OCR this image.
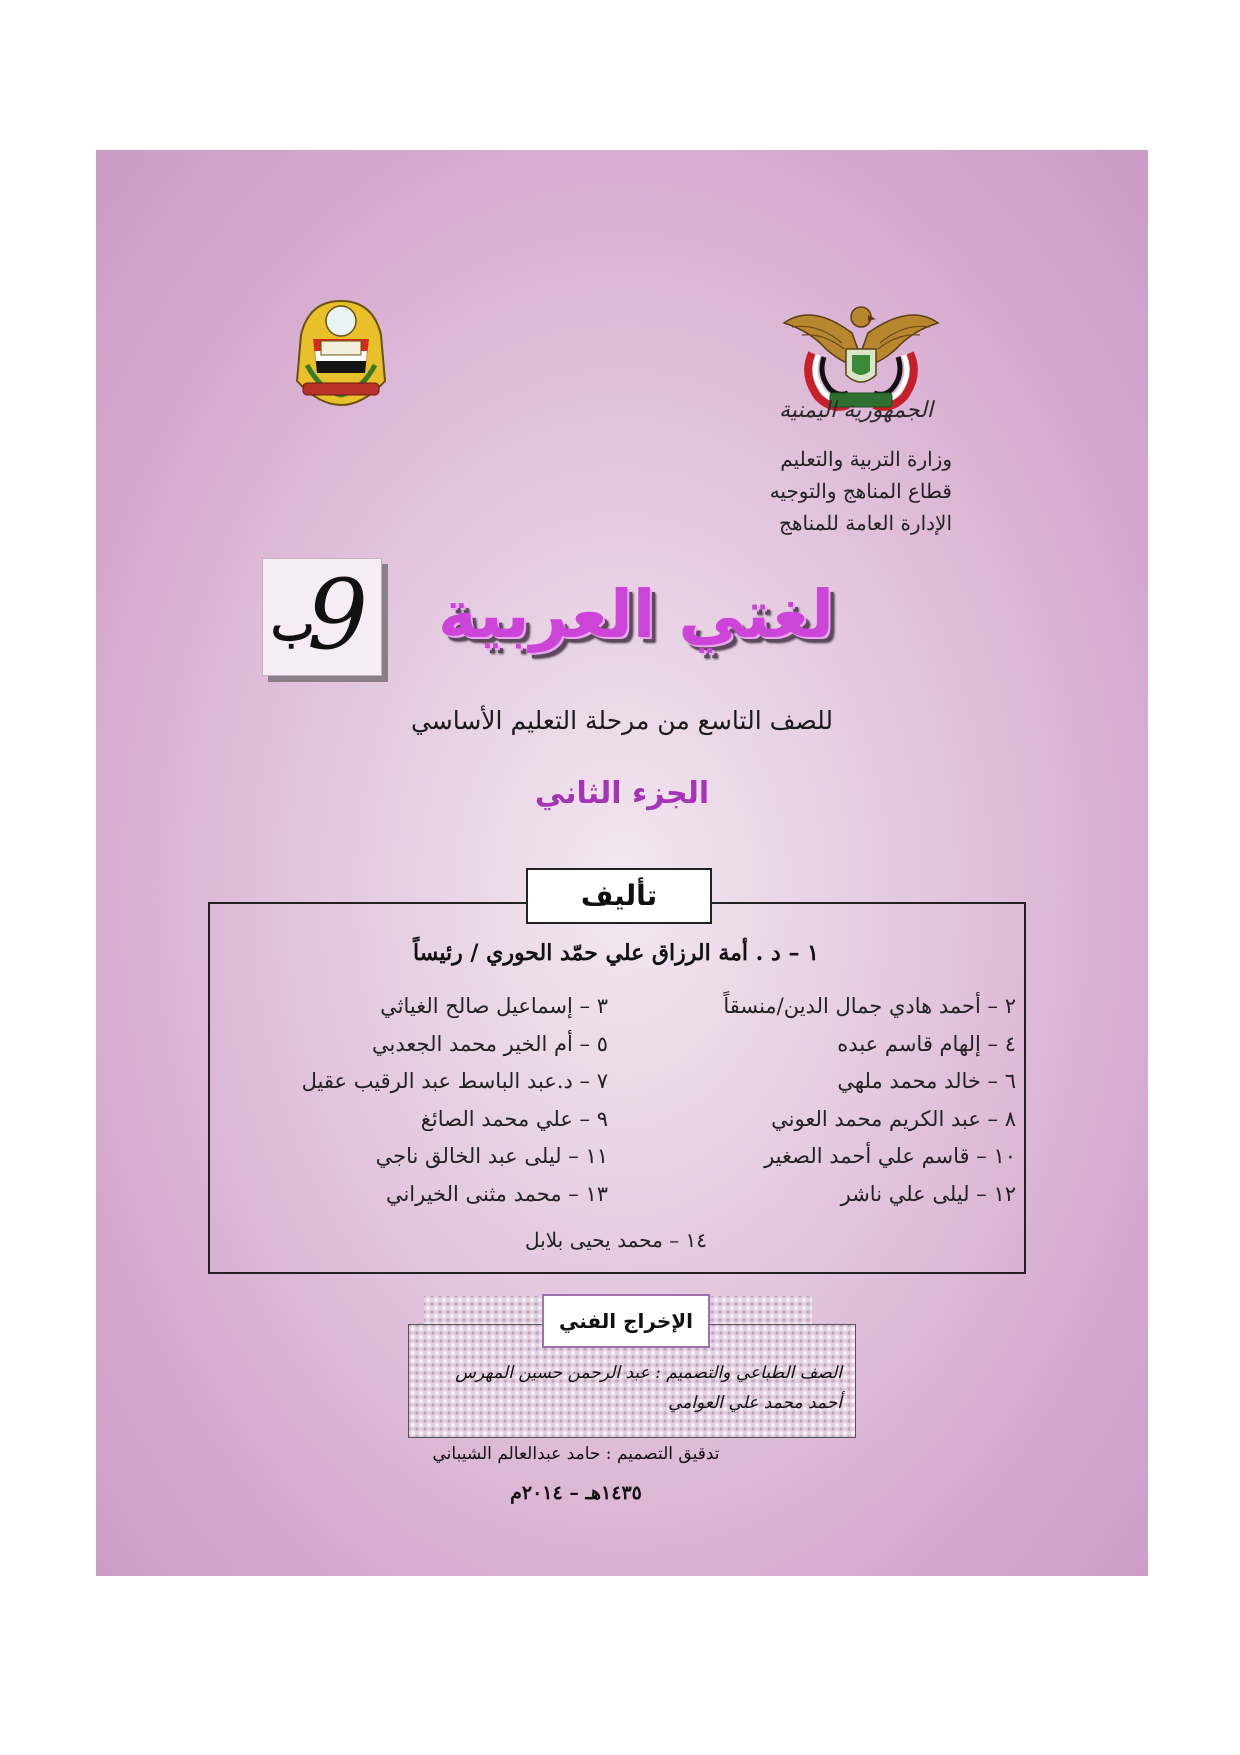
الجمهورية اليمنية
وزارة التربية والتعليم
قطاع المناهج والتوجيه
الإدارة العامة للمناهج
9
ب	لغتي العربية
للصف التاسع من مرحلة التعليم الأساسي
الجزء الثاني
تأليف
١ – د . أمة الرزاق علي حمّد الحوري / رئيساً
٢ – أحمد هادي جمال الدين/منسقاً
٤ – إلهام قاسم عبده
٦ – خالد محمد ملهي
٨ – عبد الكريم محمد العوني
١٠ – قاسم علي أحمد الصغير
١٢ – ليلى علي ناشر
٣ – إسماعيل صالح الغياثي
٥ – أم الخير محمد الجعدبي
٧ – د.عبد الباسط عبد الرقيب عقيل
٩ – علي محمد الصائغ
١١ – ليلى عبد الخالق ناجي
١٣ – محمد مثنى الخيراني
١٤ – محمد يحيى بلابل
الإخراج الفني
الصف الطباعي والتصميم : عبد الرحمن حسين المهرس
أحمد محمد علي العوامي
تدقيق التصميم : حامد عبدالعالم الشيباني
١٤٣٥هـ – ٢٠١٤م
